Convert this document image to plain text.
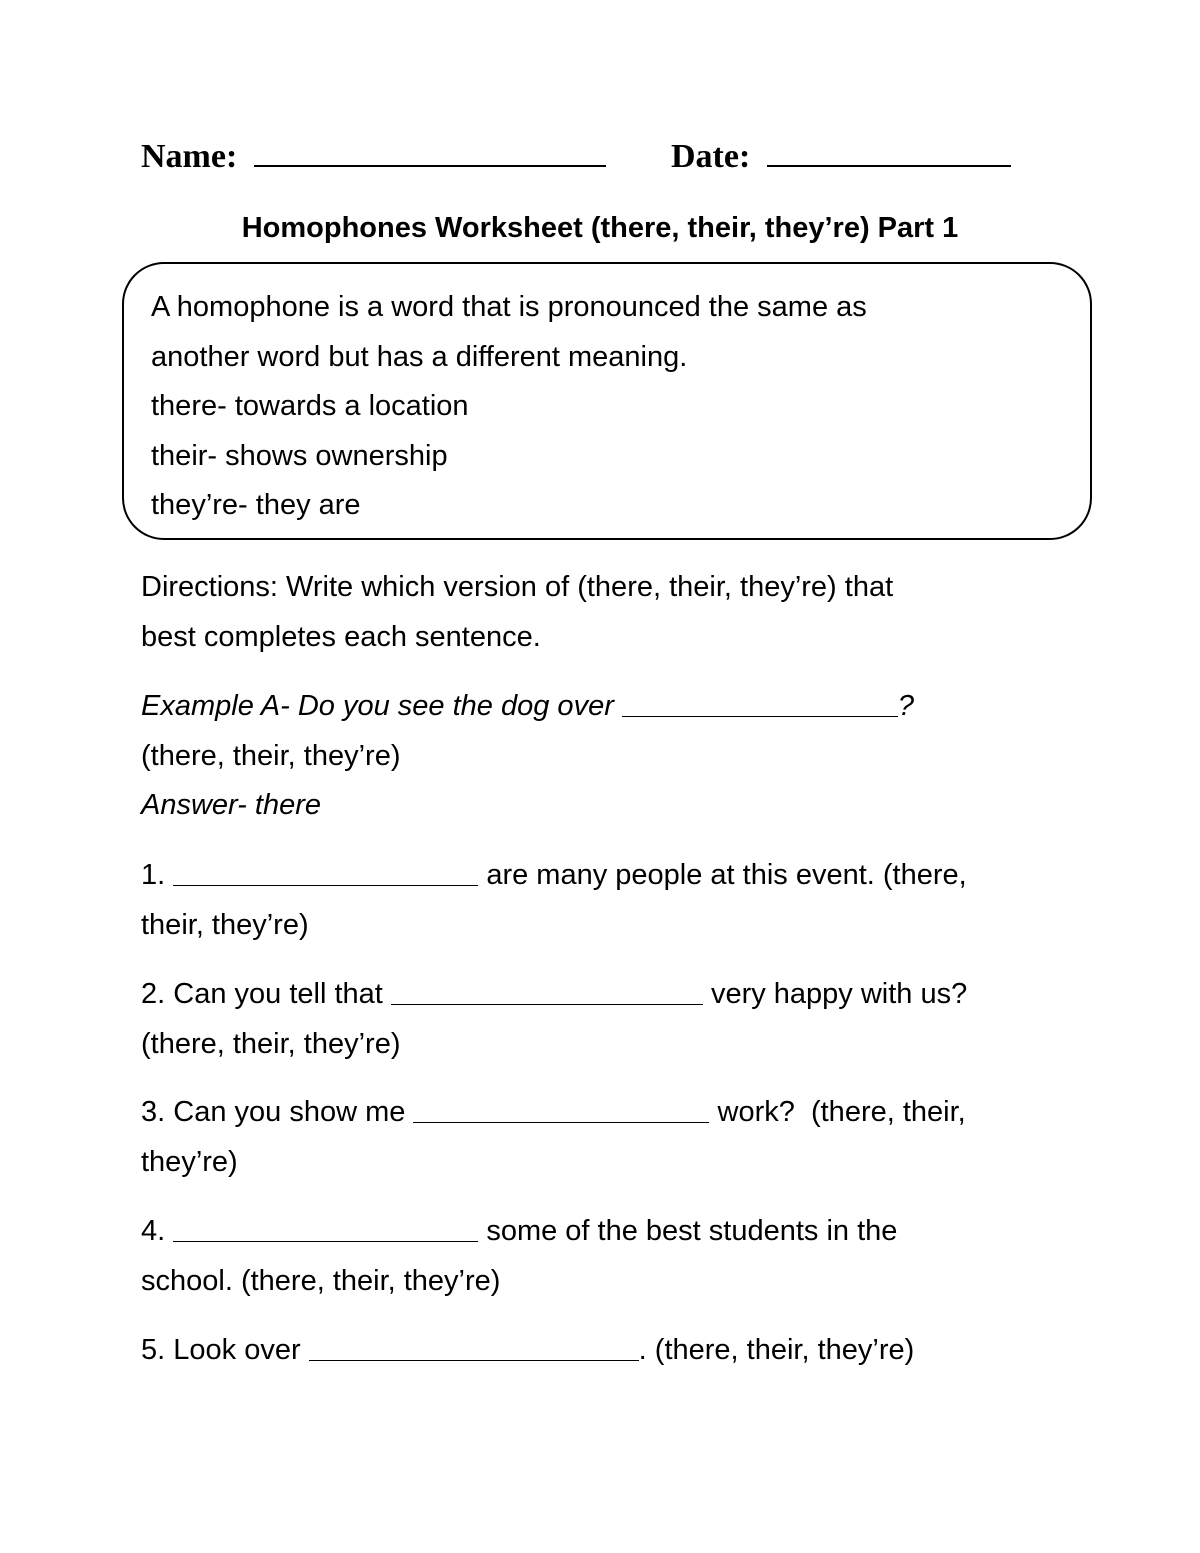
Name:	Date:
Homophones Worksheet (there, their, they’re) Part 1
A homophone is a word that is pronounced the same as
another word but has a different meaning.
there- towards a location
their- shows ownership
they’re- they are
Directions: Write which version of (there, their, they’re) that
best completes each sentence.
Example A- Do you see the dog over	?
(there, their, they’re)
Answer- there
1.	are many people at this event. (there,
their, they’re)
2. Can you tell that	very happy with us?
(there, their, they’re)
3. Can you show me	work?  (there, their,
they’re)
4.	some of the best students in the
school. (there, their, they’re)
5. Look over	. (there, their, they’re)
